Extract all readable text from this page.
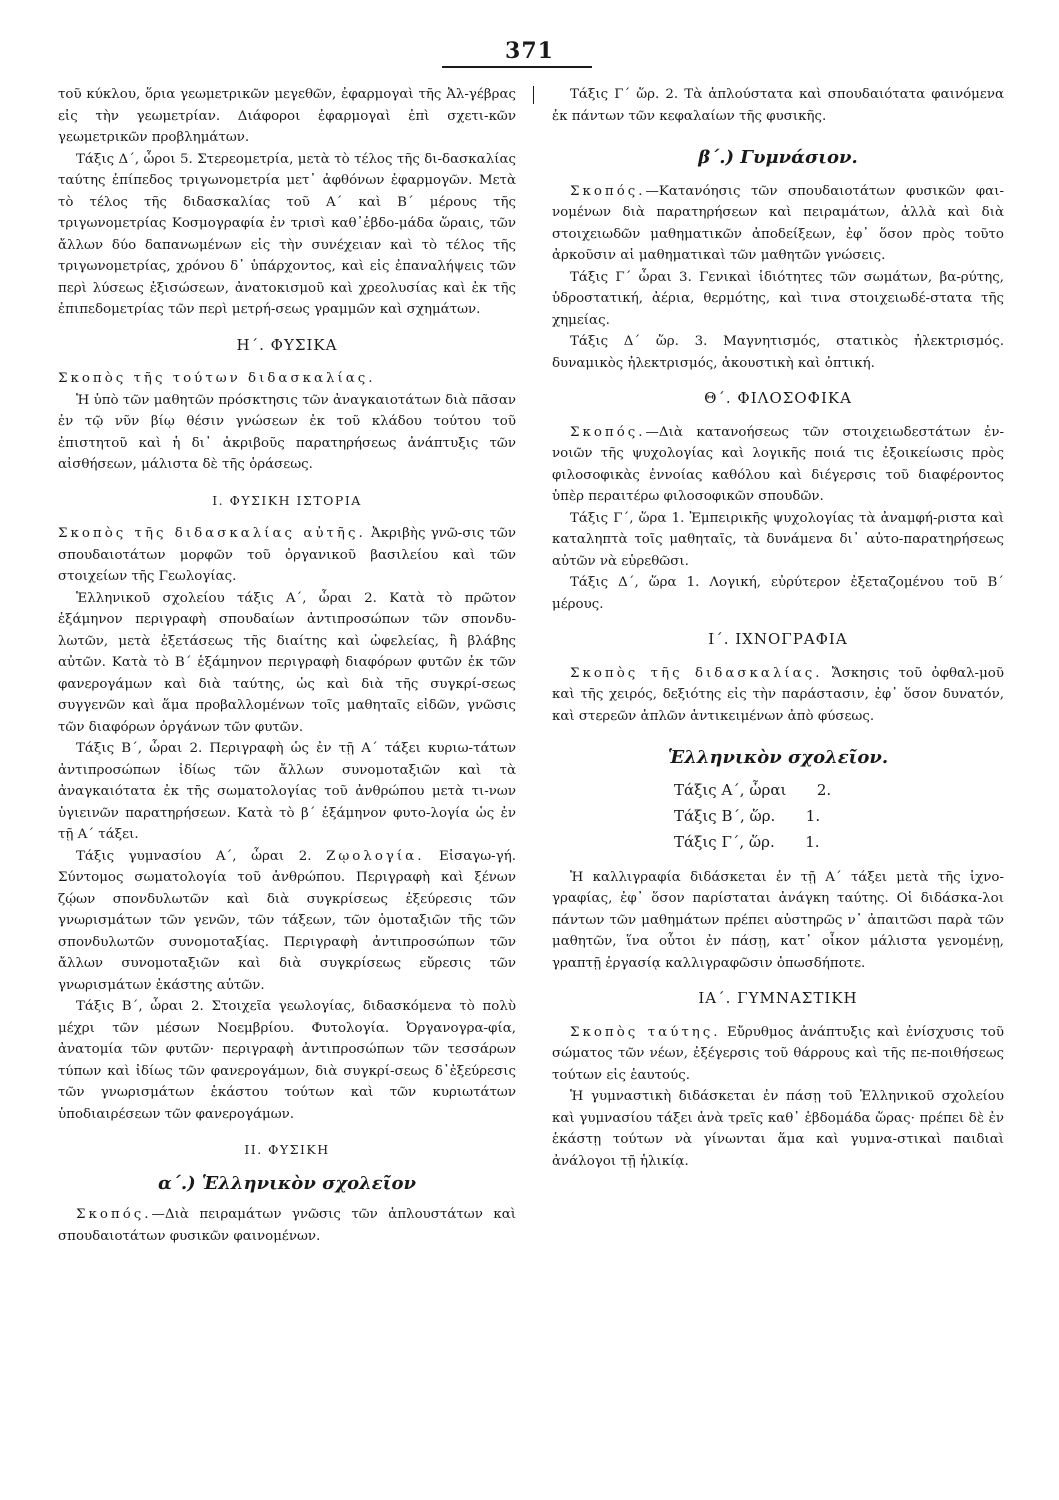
371

τοῦ κύκλου, ὅρια γεωμετρικῶν μεγεθῶν, ἐφαρμογαὶ τῆς Ἀλ-γέβρας εἰς τὴν γεωμετρίαν. Διάφοροι ἐφαρμογαὶ ἐπὶ σχετι-κῶν γεωμετρικῶν προβλημάτων.

Τάξις Δ΄, ὧροι 5. Στερεομετρία, μετὰ τὸ τέλος τῆς δι-δασκαλίας ταύτης ἐπίπεδος τριγωνομετρία μετ᾽ ἀφθόνων ἐφαρμογῶν. Μετὰ τὸ τέλος τῆς διδασκαλίας τοῦ Α΄ καὶ Β΄ μέρους τῆς τριγωνομετρίας Κοσμογραφία ἐν τρισὶ καθ᾽ἑβδο-μάδα ὥραις, τῶν ἄλλων δύο δαπανωμένων εἰς τὴν συνέχειαν καὶ τὸ τέλος τῆς τριγωνομετρίας, χρόνου δ᾽ ὑπάρχοντος, καὶ εἰς ἐπαναλήψεις τῶν περὶ λύσεως ἐξισώσεων, ἀνατοκισμοῦ καὶ χρεολυσίας καὶ ἐκ τῆς ἐπιπεδομετρίας τῶν περὶ μετρή-σεως γραμμῶν καὶ σχημάτων.

Η΄. ΦΥΣΙΚΑ

Σκοπὸς τῆς τούτων διδασκαλίας.

Ἡ ὑπὸ τῶν μαθητῶν πρόσκτησις τῶν ἀναγκαιοτάτων διὰ πᾶσαν ἐν τῷ νῦν βίῳ θέσιν γνώσεων ἐκ τοῦ κλάδου τούτου τοῦ ἐπιστητοῦ καὶ ἡ δι᾽ ἀκριβοῦς παρατηρήσεως ἀνάπτυξις τῶν αἰσθήσεων, μάλιστα δὲ τῆς ὁράσεως.

Ι. ΦΥΣΙΚΗ ΙΣΤΟΡΙΑ

Σκοπὸς τῆς διδασκαλίας αὐτῆς. Ἀκριβὴς γνῶ-σις τῶν σπουδαιοτάτων μορφῶν τοῦ ὀργανικοῦ βασιλείου καὶ τῶν στοιχείων τῆς Γεωλογίας.

Ἑλληνικοῦ σχολείου τάξις Α΄, ὧραι 2. Κατὰ τὸ πρῶτον ἑξάμηνον περιγραφὴ σπουδαίων ἀντιπροσώπων τῶν σπονδυ-λωτῶν, μετὰ ἐξετάσεως τῆς διαίτης καὶ ὠφελείας, ἢ βλάβης αὐτῶν. Κατὰ τὸ Β΄ ἑξάμηνον περιγραφὴ διαφόρων φυτῶν ἐκ τῶν φανερογάμων καὶ διὰ ταύτης, ὡς καὶ διὰ τῆς συγκρί-σεως συγγενῶν καὶ ἅμα προβαλλομένων τοῖς μαθηταῖς εἰδῶν, γνῶσις τῶν διαφόρων ὀργάνων τῶν φυτῶν.

Τάξις Β΄, ὧραι 2. Περιγραφὴ ὡς ἐν τῇ Α΄ τάξει κυριω-τάτων ἀντιπροσώπων ἰδίως τῶν ἄλλων συνομοταξιῶν καὶ τὰ ἀναγκαιότατα ἐκ τῆς σωματολογίας τοῦ ἀνθρώπου μετὰ τι-νων ὑγιεινῶν παρατηρήσεων. Κατὰ τὸ β΄ ἑξάμηνον φυτο-λογία ὡς ἐν τῇ Α΄ τάξει.

Τάξις γυμνασίου Α΄, ὧραι 2. Ζῳολογία. Εἰσαγω-γή. Σύντομος σωματολογία τοῦ ἀνθρώπου. Περιγραφὴ καὶ ξένων ζῴων σπονδυλωτῶν καὶ διὰ συγκρίσεως ἐξεύρεσις τῶν γνωρισμάτων τῶν γενῶν, τῶν τάξεων, τῶν ὁμοταξιῶν τῆς τῶν σπονδυλωτῶν συνομοταξίας. Περιγραφὴ ἀντιπροσώπων τῶν ἄλλων συνομοταξιῶν καὶ διὰ συγκρίσεως εὕρεσις τῶν γνωρισμάτων ἑκάστης αὐτῶν.

Τάξις Β΄, ὧραι 2. Στοιχεῖα γεωλογίας, διδασκόμενα τὸ πολὺ μέχρι τῶν μέσων Νοεμβρίου. Φυτολογία. Ὀργανογρα-φία, ἀνατομία τῶν φυτῶν· περιγραφὴ ἀντιπροσώπων τῶν τεσσάρων τύπων καὶ ἰδίως τῶν φανερογάμων, διὰ συγκρί-σεως δ᾽ἐξεύρεσις τῶν γνωρισμάτων ἑκάστου τούτων καὶ τῶν κυριωτάτων ὑποδιαιρέσεων τῶν φανερογάμων.

ΙΙ. ΦΥΣΙΚΗ
α΄.) Ἑλληνικὸν σχολεῖον

Σκοπός.—Διὰ πειραμάτων γνῶσις τῶν ἁπλουστάτων καὶ σπουδαιοτάτων φυσικῶν φαινομένων.

Τάξις Γ΄ ὥρ. 2. Τὰ ἁπλούστατα καὶ σπουδαιότατα φαινόμενα ἐκ πάντων τῶν κεφαλαίων τῆς φυσικῆς.

β΄.) Γυμνάσιον.

Σκοπός.—Κατανόησις τῶν σπουδαιοτάτων φυσικῶν φαι-νομένων διὰ παρατηρήσεων καὶ πειραμάτων, ἀλλὰ καὶ διὰ στοιχειωδῶν μαθηματικῶν ἀποδείξεων, ἐφ᾽ ὅσον πρὸς τοῦτο ἀρκοῦσιν αἱ μαθηματικαὶ τῶν μαθητῶν γνώσεις.

Τάξις Γ΄ ὧραι 3. Γενικαὶ ἰδιότητες τῶν σωμάτων, βα-ρύτης, ὑδροστατική, ἀέρια, θερμότης, καὶ τινα στοιχειωδέ-στατα τῆς χημείας.

Τάξις Δ΄ ὥρ. 3. Μαγνητισμός, στατικὸς ἠλεκτρισμός. δυναμικὸς ἠλεκτρισμός, ἀκουστικὴ καὶ ὀπτική.

Θ΄. ΦΙΛΟΣΟΦΙΚΑ

Σκοπός.—Διὰ κατανοήσεως τῶν στοιχειωδεστάτων ἐν-νοιῶν τῆς ψυχολογίας καὶ λογικῆς ποιά τις ἐξοικείωσις πρὸς φιλοσοφικὰς ἐννοίας καθόλου καὶ διέγερσις τοῦ διαφέροντος ὑπὲρ περαιτέρω φιλοσοφικῶν σπουδῶν.

Τάξις Γ΄, ὥρα 1. Ἐμπειρικῆς ψυχολογίας τὰ ἀναμφή-ριστα καὶ καταληπτὰ τοῖς μαθηταῖς, τὰ δυνάμενα δι᾽ αὐτο-παρατηρήσεως αὐτῶν νὰ εὑρεθῶσι.

Τάξις Δ΄, ὥρα 1. Λογική, εὐρύτερον ἐξεταζομένου τοῦ Β΄ μέρους.

Ι΄. ΙΧΝΟΓΡΑΦΙΑ

Σκοπὸς τῆς διδασκαλίας. Ἄσκησις τοῦ ὀφθαλ-μοῦ καὶ τῆς χειρός, δεξιότης εἰς τὴν παράστασιν, ἐφ᾽ ὅσον δυνατόν, καὶ στερεῶν ἁπλῶν ἀντικειμένων ἀπὸ φύσεως.

Ἑλληνικὸν σχολεῖον.
Τάξις Α΄, ὧραι 2.
Τάξις Β΄, ὥρ. 1.
Τάξις Γ΄, ὥρ. 1.

Ἡ καλλιγραφία διδάσκεται ἐν τῇ Α΄ τάξει μετὰ τῆς ἰχνο-γραφίας, ἐφ᾽ ὅσον παρίσταται ἀνάγκη ταύτης. Οἱ διδάσκα-λοι πάντων τῶν μαθημάτων πρέπει αὐστηρῶς ν᾽ ἀπαιτῶσι παρὰ τῶν μαθητῶν, ἵνα οὗτοι ἐν πάσῃ, κατ᾽ οἶκον μάλιστα γενομένῃ, γραπτῇ ἐργασίᾳ καλλιγραφῶσιν ὁπωσδήποτε.

ΙΑ΄. ΓΥΜΝΑΣΤΙΚΗ

Σκοπὸς ταύτης. Εὔρυθμος ἀνάπτυξις καὶ ἐνίσχυσις τοῦ σώματος τῶν νέων, ἐξέγερσις τοῦ θάρρους καὶ τῆς πε-ποιθήσεως τούτων εἰς ἑαυτούς.

Ἡ γυμναστικὴ διδάσκεται ἐν πάσῃ τοῦ Ἑλληνικοῦ σχολείου καὶ γυμνασίου τάξει ἀνὰ τρεῖς καθ᾽ ἑβδομάδα ὥρας· πρέπει δὲ ἐν ἑκάστῃ τούτων νὰ γίνωνται ἅμα καὶ γυμνα-στικαὶ παιδιαὶ ἀνάλογοι τῇ ἡλικίᾳ.
